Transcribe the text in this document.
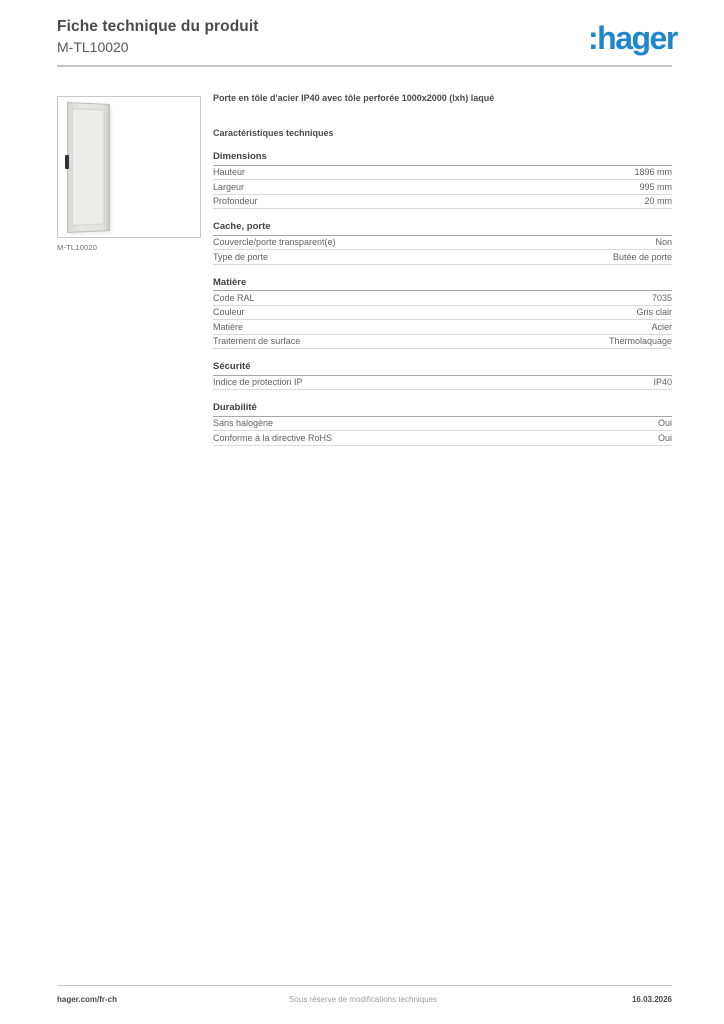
Fiche technique du produit
M-TL10020	:hager
M-TL10020
Porte en tôle d'acier IP40 avec tôle perforée 1000x2000 (lxh) laqué
Caractéristiques techniques
Dimensions
Hauteur	1896 mm
Largeur	995 mm
Profondeur	20 mm
Cache, porte
Couvercle/porte transparent(e)	Non
Type de porte	Butée de porte
Matière
Code RAL	7035
Couleur	Gris clair
Matière	Acier
Traitement de surface	Thermolaquage
Sécurité
Indice de protection IP	IP40
Durabilité
Sans halogène	Oui
Conforme à la directive RoHS	Oui
hager.com/fr-ch	Sous réserve de modifications techniques	16.03.2026
